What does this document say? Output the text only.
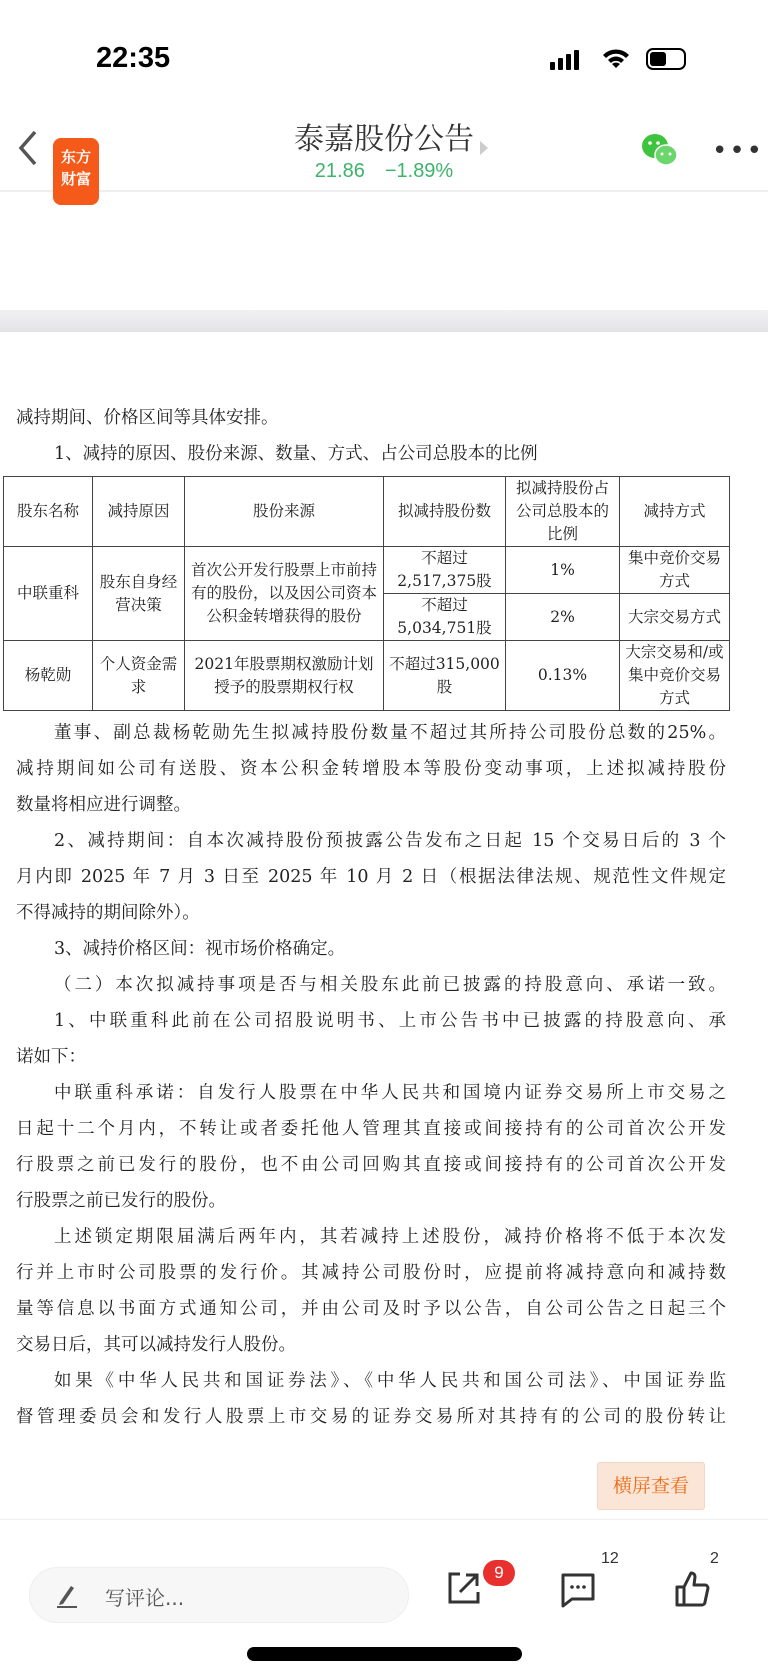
22:35
东方
财富
泰嘉股份公告
21.86 −1.89%
•••
减持期间、价格区间等具体安排。
1、减持的原因、股份来源、数量、方式、占公司总股本的比例
股东名称	减持原因	股份来源	拟减持股份数	拟减持股份占公司总股本的比例	减持方式
中联重科	股东自身经营决策	首次公开发行股票上市前持有的股份，以及因公司资本公积金转增获得的股份	不超过2,517,375股	1%	集中竞价交易方式
			不超过5,034,751股	2%	大宗交易方式
杨乾勋	个人资金需求	2021年股票期权激励计划授予的股票期权行权	不超过315,000股	0.13%	大宗交易和/或集中竞价交易方式
董事、副总裁杨乾勋先生拟减持股份数量不超过其所持公司股份总数的25%。
减持期间如公司有送股、资本公积金转增股本等股份变动事项，上述拟减持股份
数量将相应进行调整。
2、减持期间：自本次减持股份预披露公告发布之日起 15 个交易日后的 3 个
月内即 2025 年 7 月 3 日至 2025 年 10 月 2 日（根据法律法规、规范性文件规定
不得减持的期间除外）。
3、减持价格区间：视市场价格确定。
（二）本次拟减持事项是否与相关股东此前已披露的持股意向、承诺一致。
1、中联重科此前在公司招股说明书、上市公告书中已披露的持股意向、承
诺如下：
中联重科承诺：自发行人股票在中华人民共和国境内证券交易所上市交易之
日起十二个月内，不转让或者委托他人管理其直接或间接持有的公司首次公开发
行股票之前已发行的股份，也不由公司回购其直接或间接持有的公司首次公开发
行股票之前已发行的股份。
上述锁定期限届满后两年内，其若减持上述股份，减持价格将不低于本次发
行并上市时公司股票的发行价。其减持公司股份时，应提前将减持意向和减持数
量等信息以书面方式通知公司，并由公司及时予以公告，自公司公告之日起三个
交易日后，其可以减持发行人股份。
如果《中华人民共和国证券法》、《中华人民共和国公司法》、中国证券监
督管理委员会和发行人股票上市交易的证券交易所对其持有的公司的股份转让
横屏查看
写评论...
9
12	2
